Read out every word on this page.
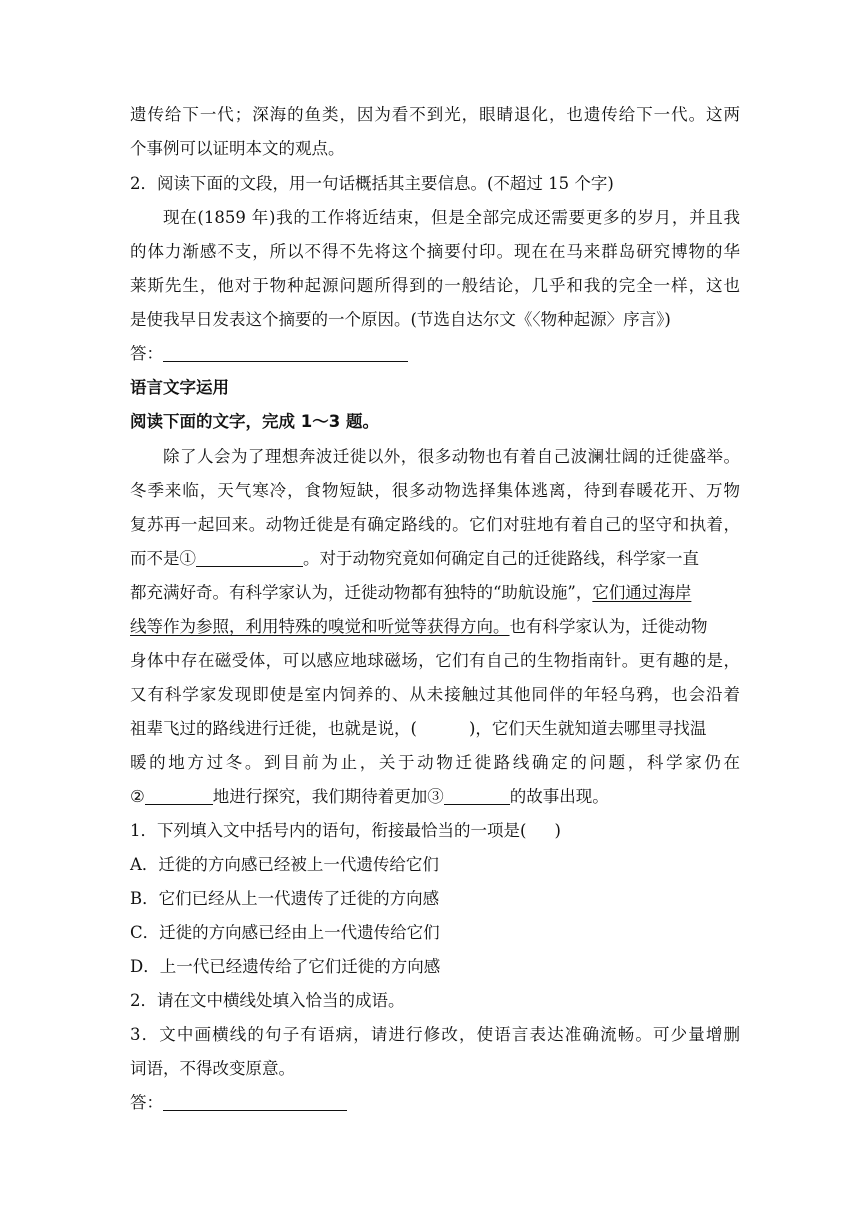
遗传给下一代；深海的鱼类，因为看不到光，眼睛退化，也遗传给下一代。这两

个事例可以证明本文的观点。

2．阅读下面的文段，用一句话概括其主要信息。(不超过 15 个字)

现在(1859 年)我的工作将近结束，但是全部完成还需要更多的岁月，并且我

的体力渐感不支，所以不得不先将这个摘要付印。现在在马来群岛研究博物的华

莱斯先生，他对于物种起源问题所得到的一般结论，几乎和我的完全一样，这也

是使我早日发表这个摘要的一个原因。(节选自达尔文《〈物种起源〉序言》)

答：

语言文字运用

阅读下面的文字，完成 1～3 题。

除了人会为了理想奔波迁徙以外，很多动物也有着自己波澜壮阔的迁徙盛举。

冬季来临，天气寒冷，食物短缺，很多动物选择集体逃离，待到春暖花开、万物

复苏再一起回来。动物迁徙是有确定路线的。它们对驻地有着自己的坚守和执着，

而不是①	。对于动物究竟如何确定自己的迁徙路线，科学家一直

都充满好奇。有科学家认为，迁徙动物都有独特的“助航设施”，它们通过海岸

线等作为参照，利用特殊的嗅觉和听觉等获得方向。也有科学家认为，迁徙动物

身体中存在磁受体，可以感应地球磁场，它们有自己的生物指南针。更有趣的是，

又有科学家发现即使是室内饲养的、从未接触过其他同伴的年轻乌鸦，也会沿着

祖辈飞过的路线进行迁徙，也就是说，(	)，它们天生就知道去哪里寻找温

暖的地方过冬。到目前为止，关于动物迁徙路线确定的问题，科学家仍在

②	地进行探究，我们期待着更加③	的故事出现。

1．下列填入文中括号内的语句，衔接最恰当的一项是( )

A．迁徙的方向感已经被上一代遗传给它们

B．它们已经从上一代遗传了迁徙的方向感

C．迁徙的方向感已经由上一代遗传给它们

D．上一代已经遗传给了它们迁徙的方向感

2．请在文中横线处填入恰当的成语。

3．文中画横线的句子有语病，请进行修改，使语言表达准确流畅。可少量增删

词语，不得改变原意。

答：
